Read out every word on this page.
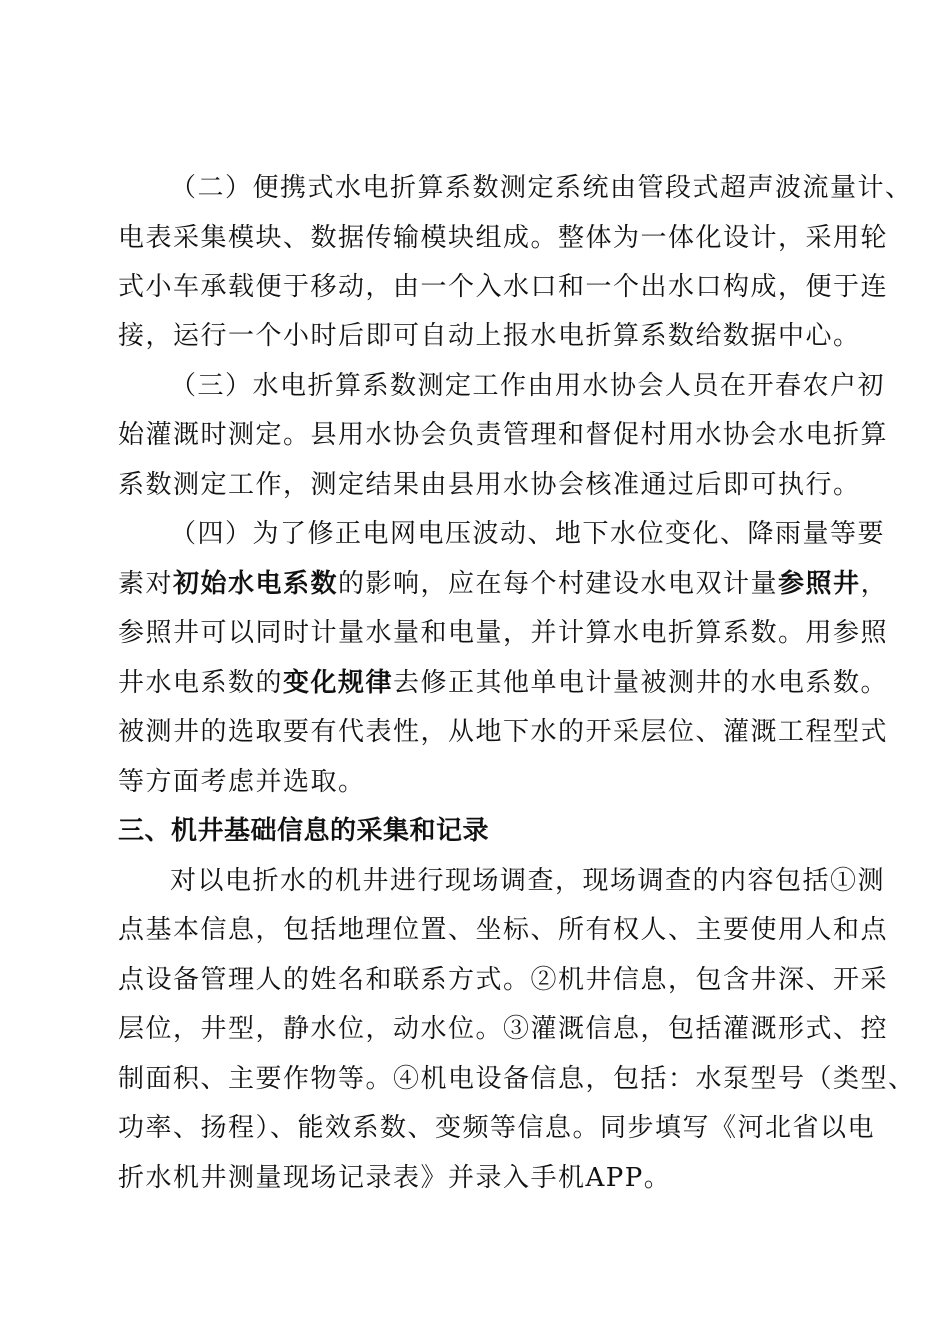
（二）便携式水电折算系数测定系统由管段式超声波流量计、
电表采集模块、数据传输模块组成。整体为一体化设计，采用轮
式小车承载便于移动，由一个入水口和一个出水口构成，便于连
接，运行一个小时后即可自动上报水电折算系数给数据中心。
（三）水电折算系数测定工作由用水协会人员在开春农户初
始灌溉时测定。县用水协会负责管理和督促村用水协会水电折算
系数测定工作，测定结果由县用水协会核准通过后即可执行。
（四）为了修正电网电压波动、地下水位变化、降雨量等要
素对初始水电系数的影响，应在每个村建设水电双计量参照井，
参照井可以同时计量水量和电量，并计算水电折算系数。用参照
井水电系数的变化规律去修正其他单电计量被测井的水电系数。
被测井的选取要有代表性，从地下水的开采层位、灌溉工程型式
等方面考虑并选取。
三、机井基础信息的采集和记录
对以电折水的机井进行现场调查，现场调查的内容包括①测
点基本信息，包括地理位置、坐标、所有权人、主要使用人和点
点设备管理人的姓名和联系方式。②机井信息，包含井深、开采
层位，井型，静水位，动水位。③灌溉信息，包括灌溉形式、控
制面积、主要作物等。④机电设备信息，包括：水泵型号（类型、
功率、扬程）、能效系数、变频等信息。同步填写《河北省以电
折水机井测量现场记录表》并录入手机APP。
